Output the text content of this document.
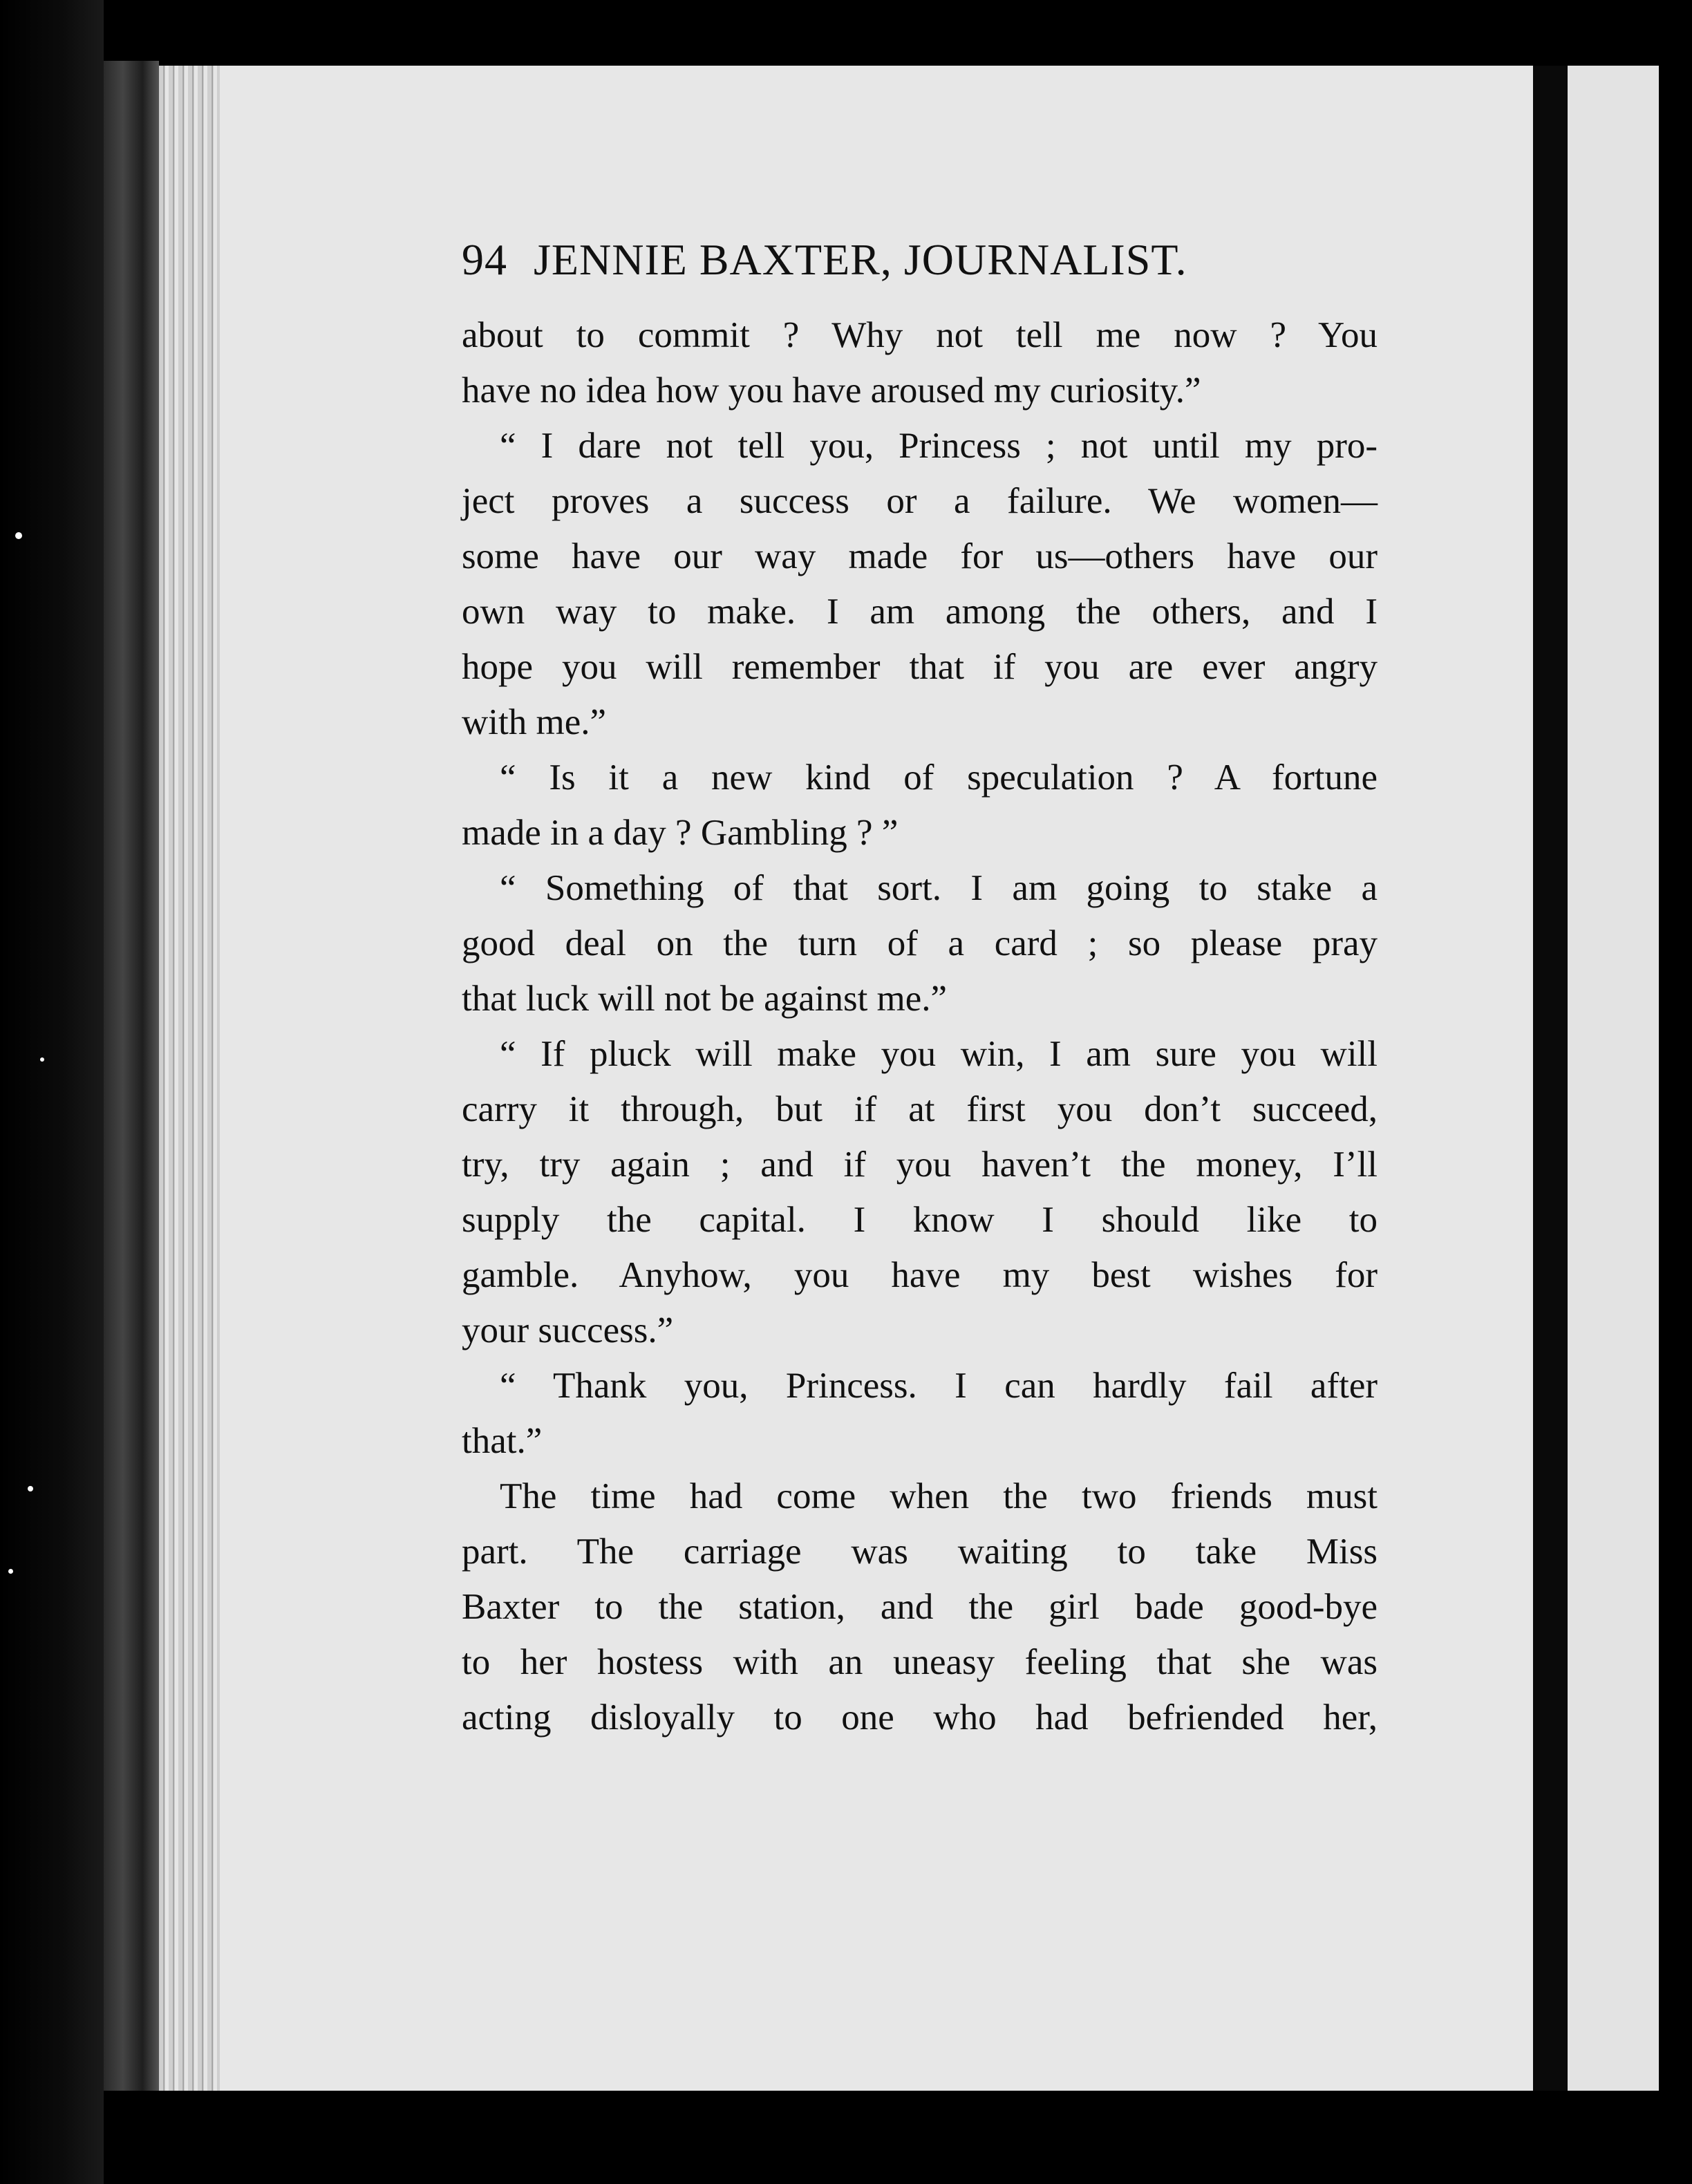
94 JENNIE BAXTER, JOURNALIST.
about to commit ? Why not tell me now ? You
have no idea how you have aroused my curiosity.”
“ I dare not tell you, Princess ; not until my pro-
ject proves a success or a failure. We women—
some have our way made for us—others have our
own way to make. I am among the others, and I
hope you will remember that if you are ever angry
with me.”
“ Is it a new kind of speculation ? A fortune
made in a day ? Gambling ? ”
“ Something of that sort. I am going to stake a
good deal on the turn of a card ; so please pray
that luck will not be against me.”
“ If pluck will make you win, I am sure you will
carry it through, but if at first you don’t succeed,
try, try again ; and if you haven’t the money, I’ll
supply the capital. I know I should like to
gamble. Anyhow, you have my best wishes for
your success.”
“ Thank you, Princess. I can hardly fail after
that.”
The time had come when the two friends must
part. The carriage was waiting to take Miss
Baxter to the station, and the girl bade good-bye
to her hostess with an uneasy feeling that she was
acting disloyally to one who had befriended her,
